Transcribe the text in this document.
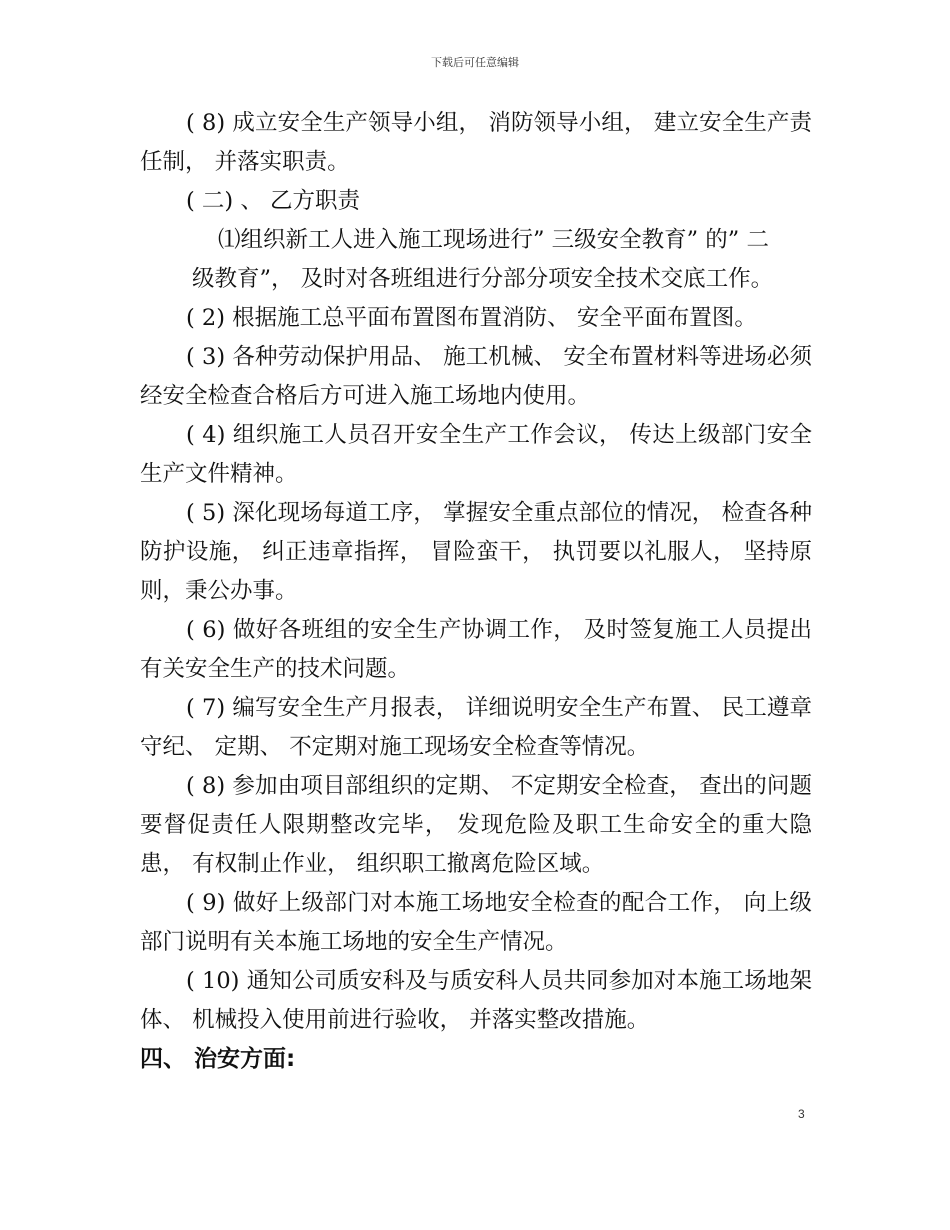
下载后可任意编辑

( 8) 成立安全生产领导小组， 消防领导小组， 建立安全生产责任制， 并落实职责。

( 二) 、 乙方职责

⑴组织新工人进入施工现场进行” 三级安全教育” 的” 二

级教育”， 及时对各班组进行分部分项安全技术交底工作。

( 2) 根据施工总平面布置图布置消防、 安全平面布置图。

( 3) 各种劳动保护用品、 施工机械、 安全布置材料等进场必须经安全检查合格后方可进入施工场地内使用。

( 4) 组织施工人员召开安全生产工作会议， 传达上级部门安全生产文件精神。

( 5) 深化现场每道工序， 掌握安全重点部位的情况， 检查各种防护设施， 纠正违章指挥， 冒险蛮干， 执罚要以礼服人， 坚持原则，秉公办事。

( 6) 做好各班组的安全生产协调工作， 及时签复施工人员提出有关安全生产的技术问题。

( 7) 编写安全生产月报表， 详细说明安全生产布置、 民工遵章守纪、 定期、 不定期对施工现场安全检查等情况。

( 8) 参加由项目部组织的定期、 不定期安全检查， 查出的问题要督促责任人限期整改完毕， 发现危险及职工生命安全的重大隐患， 有权制止作业， 组织职工撤离危险区域。

( 9) 做好上级部门对本施工场地安全检查的配合工作， 向上级部门说明有关本施工场地的安全生产情况。

( 10) 通知公司质安科及与质安科人员共同参加对本施工场地架体、 机械投入使用前进行验收， 并落实整改措施。

四、 治安方面:

3
